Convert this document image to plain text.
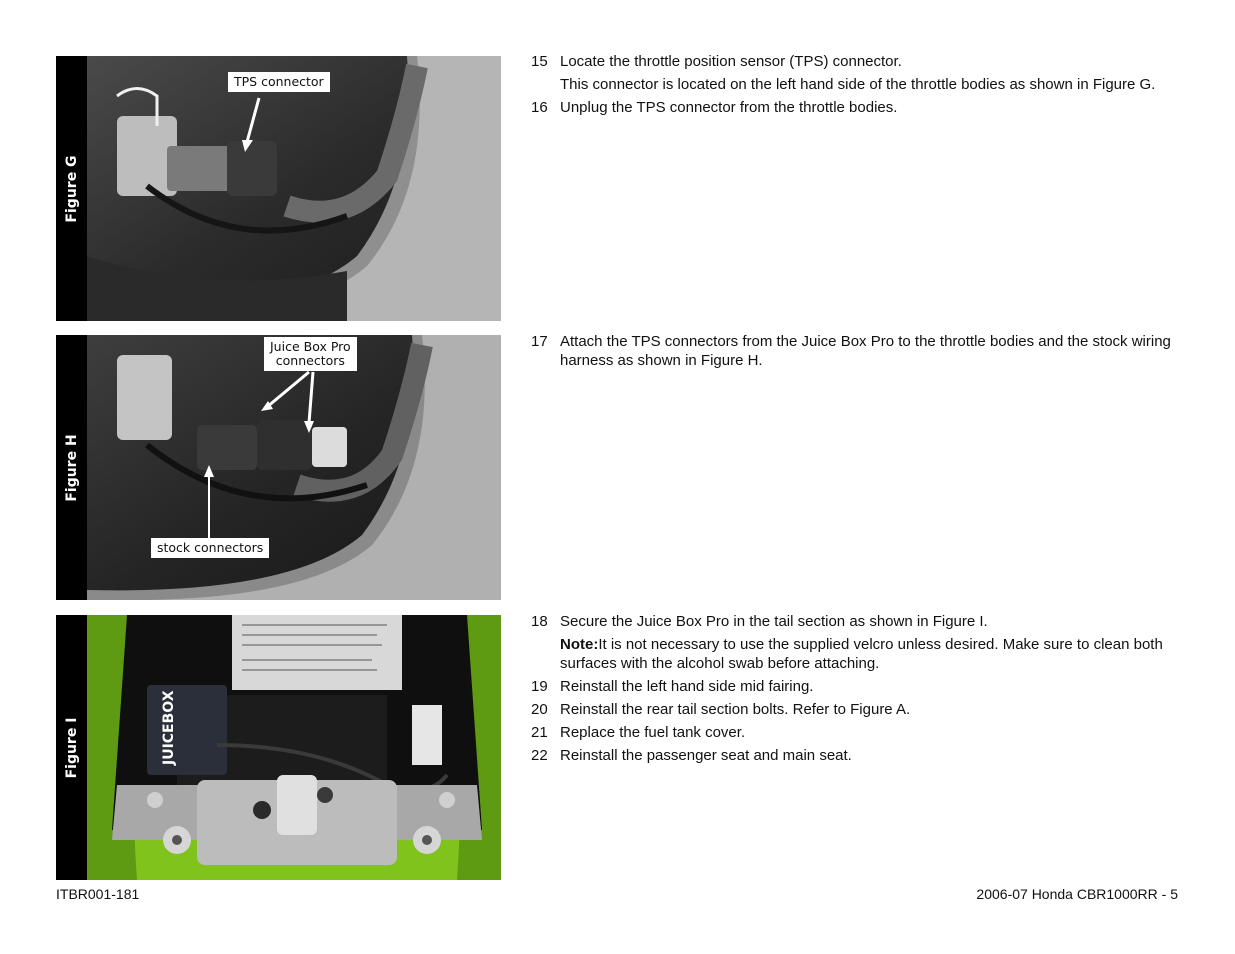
Figure G
TPS connector
Figure H
Juice Box Pro
connectors
stock connectors
Figure I	JUICEBOX
15 Locate the throttle position sensor (TPS) connector.
This connector is located on the left hand side of the throttle bodies as shown in Figure G.
16 Unplug the TPS connector from the throttle bodies.
17 Attach the TPS connectors from the Juice Box Pro to the throttle bodies and the stock wiring harness as shown in Figure H.
18 Secure the Juice Box Pro in the tail section as shown in Figure I.
Note:It is not necessary to use the supplied velcro unless desired. Make sure to clean both surfaces with the alcohol swab before attaching.
19 Reinstall the left hand side mid fairing.
20 Reinstall the rear tail section bolts. Refer to Figure A.
21 Replace the fuel tank cover.
22 Reinstall the passenger seat and main seat.
ITBR001-181	2006-07 Honda CBR1000RR - 5
